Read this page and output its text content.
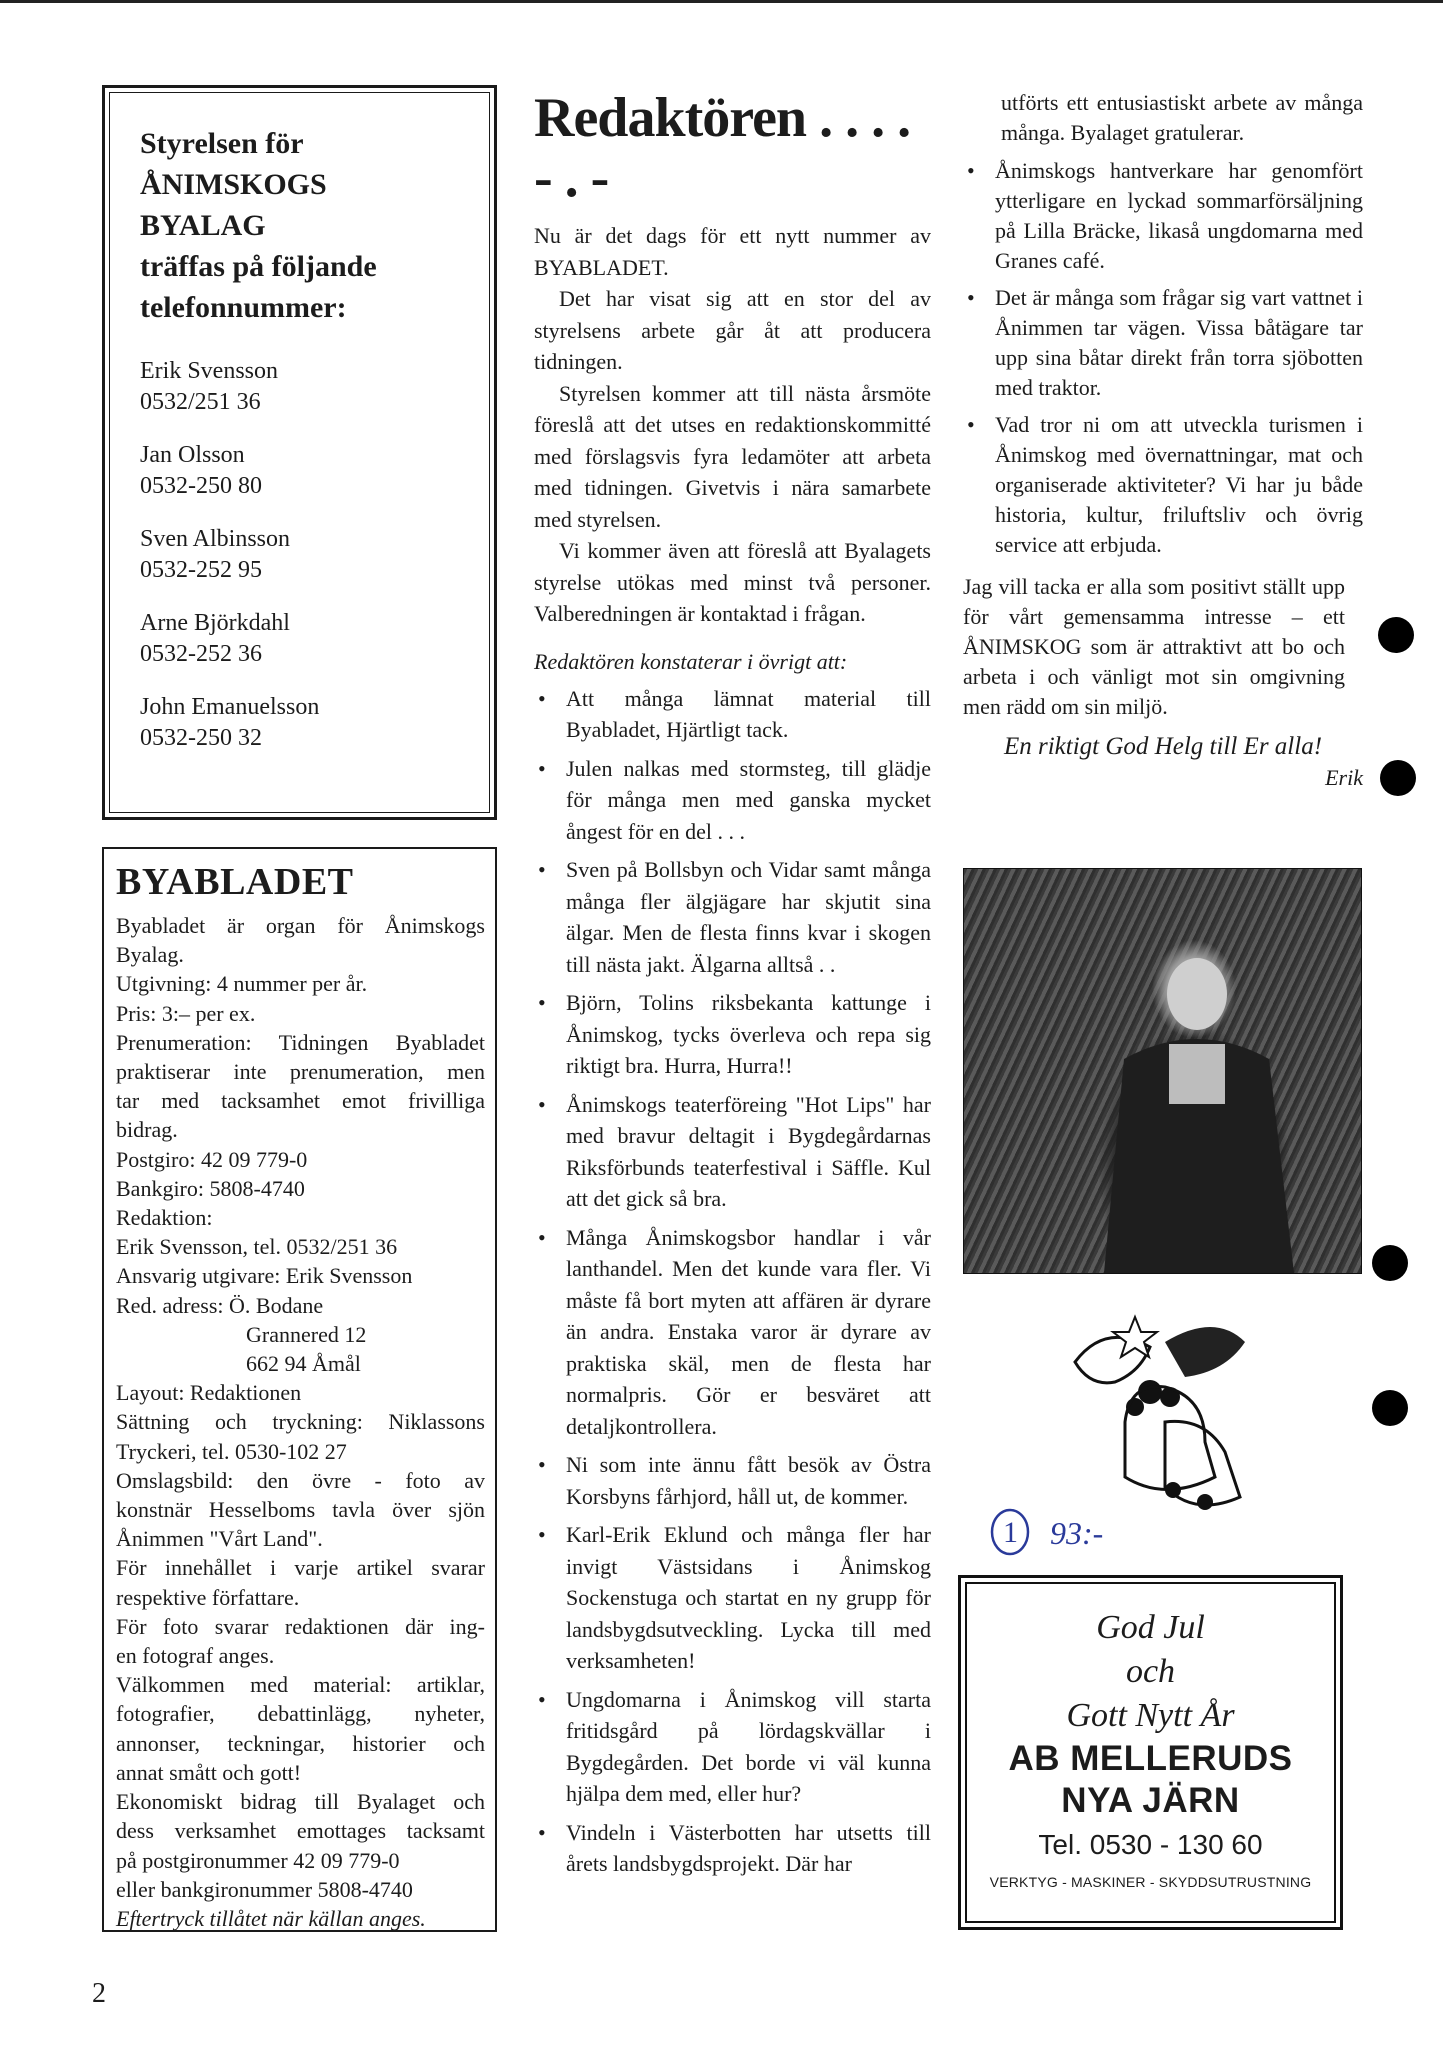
Styrelsen för
ÅNIMSKOGS
BYALAG
träffas på följande
telefonnummer:
Erik Svensson
0532/251 36
Jan Olsson
0532-250 80
Sven Albinsson
0532-252 95
Arne Björkdahl
0532-252 36
John Emanuelsson
0532-250 32
BYABLADET
Byabladet är organ för Ånimskogs
Byalag.
Utgivning: 4 nummer per år.
Pris: 3:– per ex.
Prenumeration: Tidningen Byabladet
praktiserar inte prenumeration, men
tar med tacksamhet emot frivilliga
bidrag.
Postgiro: 42 09 779-0
Bankgiro: 5808-4740
Redaktion:
Erik Svensson, tel. 0532/251 36
Ansvarig utgivare: Erik Svensson
Red. adress: Ö. Bodane
Grannered 12
662 94 Åmål
Layout: Redaktionen
Sättning och tryckning: Niklassons
Tryckeri, tel. 0530-102 27
Omslagsbild: den övre - foto av
konstnär Hesselboms tavla över sjön
Ånimmen "Vårt Land".
För innehållet i varje artikel svarar
respektive författare.
För foto svarar redaktionen där ing-
en fotograf anges.
Välkommen med material: artiklar,
fotografier, debattinlägg, nyheter,
annonser, teckningar, historier och
annat smått och gott!
Ekonomiskt bidrag till Byalaget och
dess verksamhet emottages tacksamt
på postgironummer 42 09 779-0
eller bankgironummer 5808-4740
Eftertryck tillåtet när källan anges.
Redaktören . . . . - . -

Nu är det dags för ett nytt nummer av BYABLADET.

Det har visat sig att en stor del av styrelsens arbete går åt att producera tidningen.

Styrelsen kommer att till nästa årsmöte föreslå att det utses en redaktionskommitté med förslagsvis fyra ledamöter att arbeta med tidningen. Givetvis i nära samarbete med styrelsen.

Vi kommer även att föreslå att Byalagets styrelse utökas med minst två personer. Valberedningen är kontaktad i frågan.

Redaktören konstaterar i övrigt att:
• Att många lämnat material till Byabladet, Hjärtligt tack.
• Julen nalkas med stormsteg, till glädje för många men med ganska mycket ångest för en del . . .
• Sven på Bollsbyn och Vidar samt många många fler älgjägare har skjutit sina älgar. Men de flesta finns kvar i skogen till nästa jakt. Älgarna alltså . .
• Björn, Tolins riksbekanta kattunge i Ånimskog, tycks överleva och repa sig riktigt bra. Hurra, Hurra!!
• Ånimskogs teaterföreing "Hot Lips" har med bravur deltagit i Bygdegårdarnas Riksförbunds teaterfestival i Säffle. Kul att det gick så bra.
• Många Ånimskogsbor handlar i vår lanthandel. Men det kunde vara fler. Vi måste få bort myten att affären är dyrare än andra. Enstaka varor är dyrare av praktiska skäl, men de flesta har normalpris. Gör er besväret att detaljkontrollera.
• Ni som inte ännu fått besök av Östra Korsbyns fårhjord, håll ut, de kommer.
• Karl-Erik Eklund och många fler har invigt Västsidans i Ånimskog Sockenstuga och startat en ny grupp för landsbygdsutveckling. Lycka till med verksamheten!
• Ungdomarna i Ånimskog vill starta fritidsgård på lördagskvällar i Bygdegården. Det borde vi väl kunna hjälpa dem med, eller hur?
• Vindeln i Västerbotten har utsetts till årets landsbygdsprojekt. Där har

utförts ett entusiastiskt arbete av många många. Byalaget gratulerar.

• Ånimskogs hantverkare har genomfört ytterligare en lyckad sommarförsäljning på Lilla Bräcke, likaså ungdomarna med Granes café.
• Det är många som frågar sig vart vattnet i Ånimmen tar vägen. Vissa båtägare tar upp sina båtar direkt från torra sjöbotten med traktor.
• Vad tror ni om att utveckla turismen i Ånimskog med övernattningar, mat och organiserade aktiviteter? Vi har ju både historia, kultur, friluftsliv och övrig service att erbjuda.

Jag vill tacka er alla som positivt ställt upp för vårt gemensamma intresse – ett ÅNIMSKOG som är attraktivt att bo och arbeta i och vänligt mot sin omgivning men rädd om sin miljö.

En riktigt God Helg till Er alla!

Erik

1 93:-
God Jul
och
Gott Nytt År
AB MELLERUDS
NYA JÄRN
Tel. 0530 - 130 60
VERKTYG - MASKINER - SKYDDSUTRUSTNING
2
